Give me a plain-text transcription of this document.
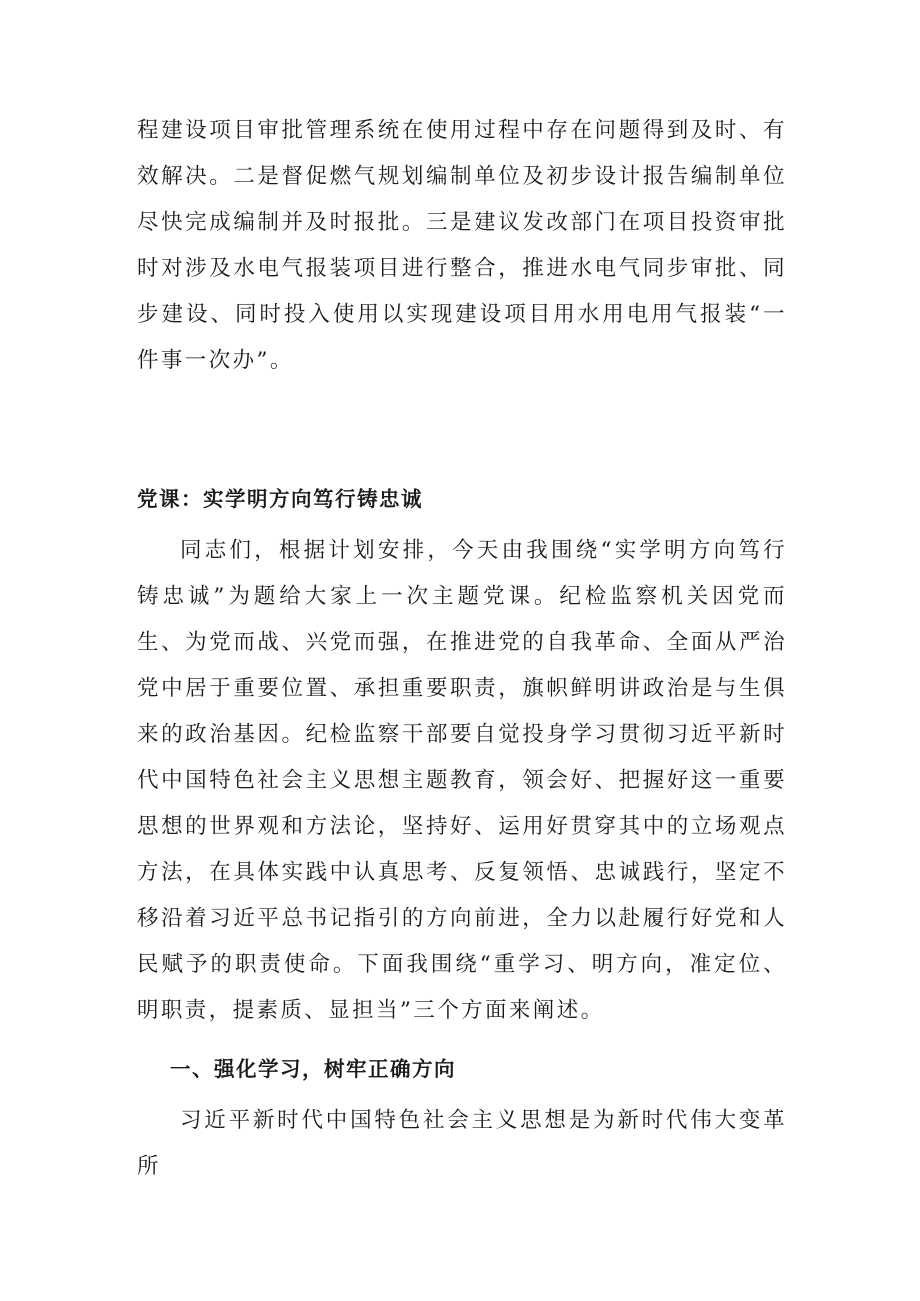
程建设项目审批管理系统在使用过程中存在问题得到及时、有效解决。二是督促燃气规划编制单位及初步设计报告编制单位尽快完成编制并及时报批。三是建议发改部门在项目投资审批时对涉及水电气报装项目进行整合，推进水电气同步审批、同步建设、同时投入使用以实现建设项目用水用电用气报装“一件事一次办”。

党课：实学明方向笃行铸忠诚

同志们，根据计划安排，今天由我围绕“实学明方向笃行铸忠诚”为题给大家上一次主题党课。纪检监察机关因党而生、为党而战、兴党而强，在推进党的自我革命、全面从严治党中居于重要位置、承担重要职责，旗帜鲜明讲政治是与生俱来的政治基因。纪检监察干部要自觉投身学习贯彻习近平新时代中国特色社会主义思想主题教育，领会好、把握好这一重要思想的世界观和方法论，坚持好、运用好贯穿其中的立场观点方法，在具体实践中认真思考、反复领悟、忠诚践行，坚定不移沿着习近平总书记指引的方向前进，全力以赴履行好党和人民赋予的职责使命。下面我围绕“重学习、明方向，准定位、明职责，提素质、显担当”三个方面来阐述。

一、强化学习，树牢正确方向

习近平新时代中国特色社会主义思想是为新时代伟大变革所
